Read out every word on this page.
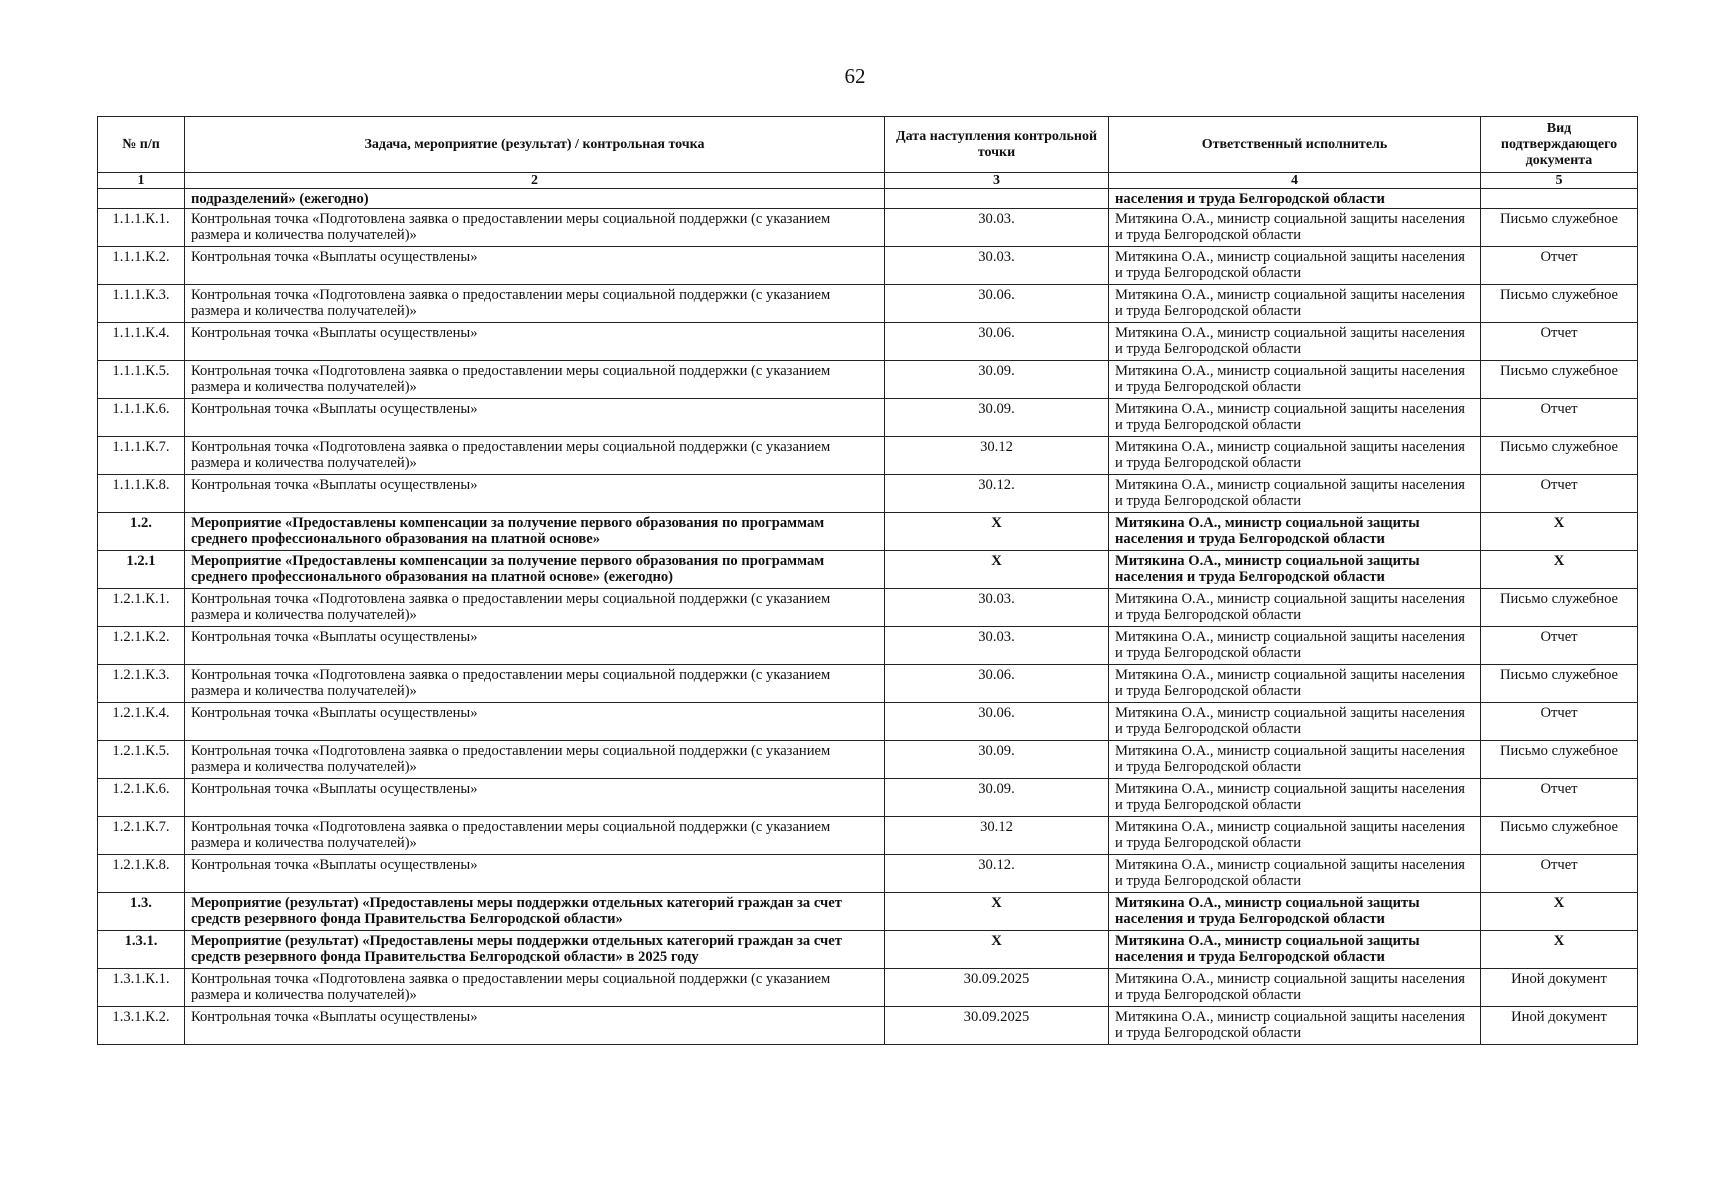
62
№ п/п	Задача, мероприятие (результат) / контрольная точка	Дата наступления контрольной точки	Ответственный исполнитель	Вид подтверждающего документа
1	2	3	4	5
	подразделений» (ежегодно)		населения и труда Белгородской области	
1.1.1.К.1.	Контрольная точка «Подготовлена заявка о предоставлении меры социальной поддержки (с указанием размера и количества получателей)»	30.03.	Митякина О.А., министр социальной защиты населения и труда Белгородской области	Письмо служебное
1.1.1.К.2.	Контрольная точка «Выплаты осуществлены»	30.03.	Митякина О.А., министр социальной защиты населения и труда Белгородской области	Отчет
1.1.1.К.3.	Контрольная точка «Подготовлена заявка о предоставлении меры социальной поддержки (с указанием размера и количества получателей)»	30.06.	Митякина О.А., министр социальной защиты населения и труда Белгородской области	Письмо служебное
1.1.1.К.4.	Контрольная точка «Выплаты осуществлены»	30.06.	Митякина О.А., министр социальной защиты населения и труда Белгородской области	Отчет
1.1.1.К.5.	Контрольная точка «Подготовлена заявка о предоставлении меры социальной поддержки (с указанием размера и количества получателей)»	30.09.	Митякина О.А., министр социальной защиты населения и труда Белгородской области	Письмо служебное
1.1.1.К.6.	Контрольная точка «Выплаты осуществлены»	30.09.	Митякина О.А., министр социальной защиты населения и труда Белгородской области	Отчет
1.1.1.К.7.	Контрольная точка «Подготовлена заявка о предоставлении меры социальной поддержки (с указанием размера и количества получателей)»	30.12	Митякина О.А., министр социальной защиты населения и труда Белгородской области	Письмо служебное
1.1.1.К.8.	Контрольная точка «Выплаты осуществлены»	30.12.	Митякина О.А., министр социальной защиты населения и труда Белгородской области	Отчет
1.2.	Мероприятие «Предоставлены компенсации за получение первого образования по программам среднего профессионального образования на платной основе»	Х	Митякина О.А., министр социальной защиты населения и труда Белгородской области	Х
1.2.1	Мероприятие «Предоставлены компенсации за получение первого образования по программам среднего профессионального образования на платной основе» (ежегодно)	Х	Митякина О.А., министр социальной защиты населения и труда Белгородской области	Х
1.2.1.К.1.	Контрольная точка «Подготовлена заявка о предоставлении меры социальной поддержки (с указанием размера и количества получателей)»	30.03.	Митякина О.А., министр социальной защиты населения и труда Белгородской области	Письмо служебное
1.2.1.К.2.	Контрольная точка «Выплаты осуществлены»	30.03.	Митякина О.А., министр социальной защиты населения и труда Белгородской области	Отчет
1.2.1.К.3.	Контрольная точка «Подготовлена заявка о предоставлении меры социальной поддержки (с указанием размера и количества получателей)»	30.06.	Митякина О.А., министр социальной защиты населения и труда Белгородской области	Письмо служебное
1.2.1.К.4.	Контрольная точка «Выплаты осуществлены»	30.06.	Митякина О.А., министр социальной защиты населения и труда Белгородской области	Отчет
1.2.1.К.5.	Контрольная точка «Подготовлена заявка о предоставлении меры социальной поддержки (с указанием размера и количества получателей)»	30.09.	Митякина О.А., министр социальной защиты населения и труда Белгородской области	Письмо служебное
1.2.1.К.6.	Контрольная точка «Выплаты осуществлены»	30.09.	Митякина О.А., министр социальной защиты населения и труда Белгородской области	Отчет
1.2.1.К.7.	Контрольная точка «Подготовлена заявка о предоставлении меры социальной поддержки (с указанием размера и количества получателей)»	30.12	Митякина О.А., министр социальной защиты населения и труда Белгородской области	Письмо служебное
1.2.1.К.8.	Контрольная точка «Выплаты осуществлены»	30.12.	Митякина О.А., министр социальной защиты населения и труда Белгородской области	Отчет
1.3.	Мероприятие (результат) «Предоставлены меры поддержки отдельных категорий граждан за счет средств резервного фонда Правительства Белгородской области»	Х	Митякина О.А., министр социальной защиты населения и труда Белгородской области	Х
1.3.1.	Мероприятие (результат) «Предоставлены меры поддержки отдельных категорий граждан за счет средств резервного фонда Правительства Белгородской области» в 2025 году	Х	Митякина О.А., министр социальной защиты населения и труда Белгородской области	Х
1.3.1.К.1.	Контрольная точка «Подготовлена заявка о предоставлении меры социальной поддержки (с указанием размера и количества получателей)»	30.09.2025	Митякина О.А., министр социальной защиты населения и труда Белгородской области	Иной документ
1.3.1.К.2.	Контрольная точка «Выплаты осуществлены»	30.09.2025	Митякина О.А., министр социальной защиты населения и труда Белгородской области	Иной документ
